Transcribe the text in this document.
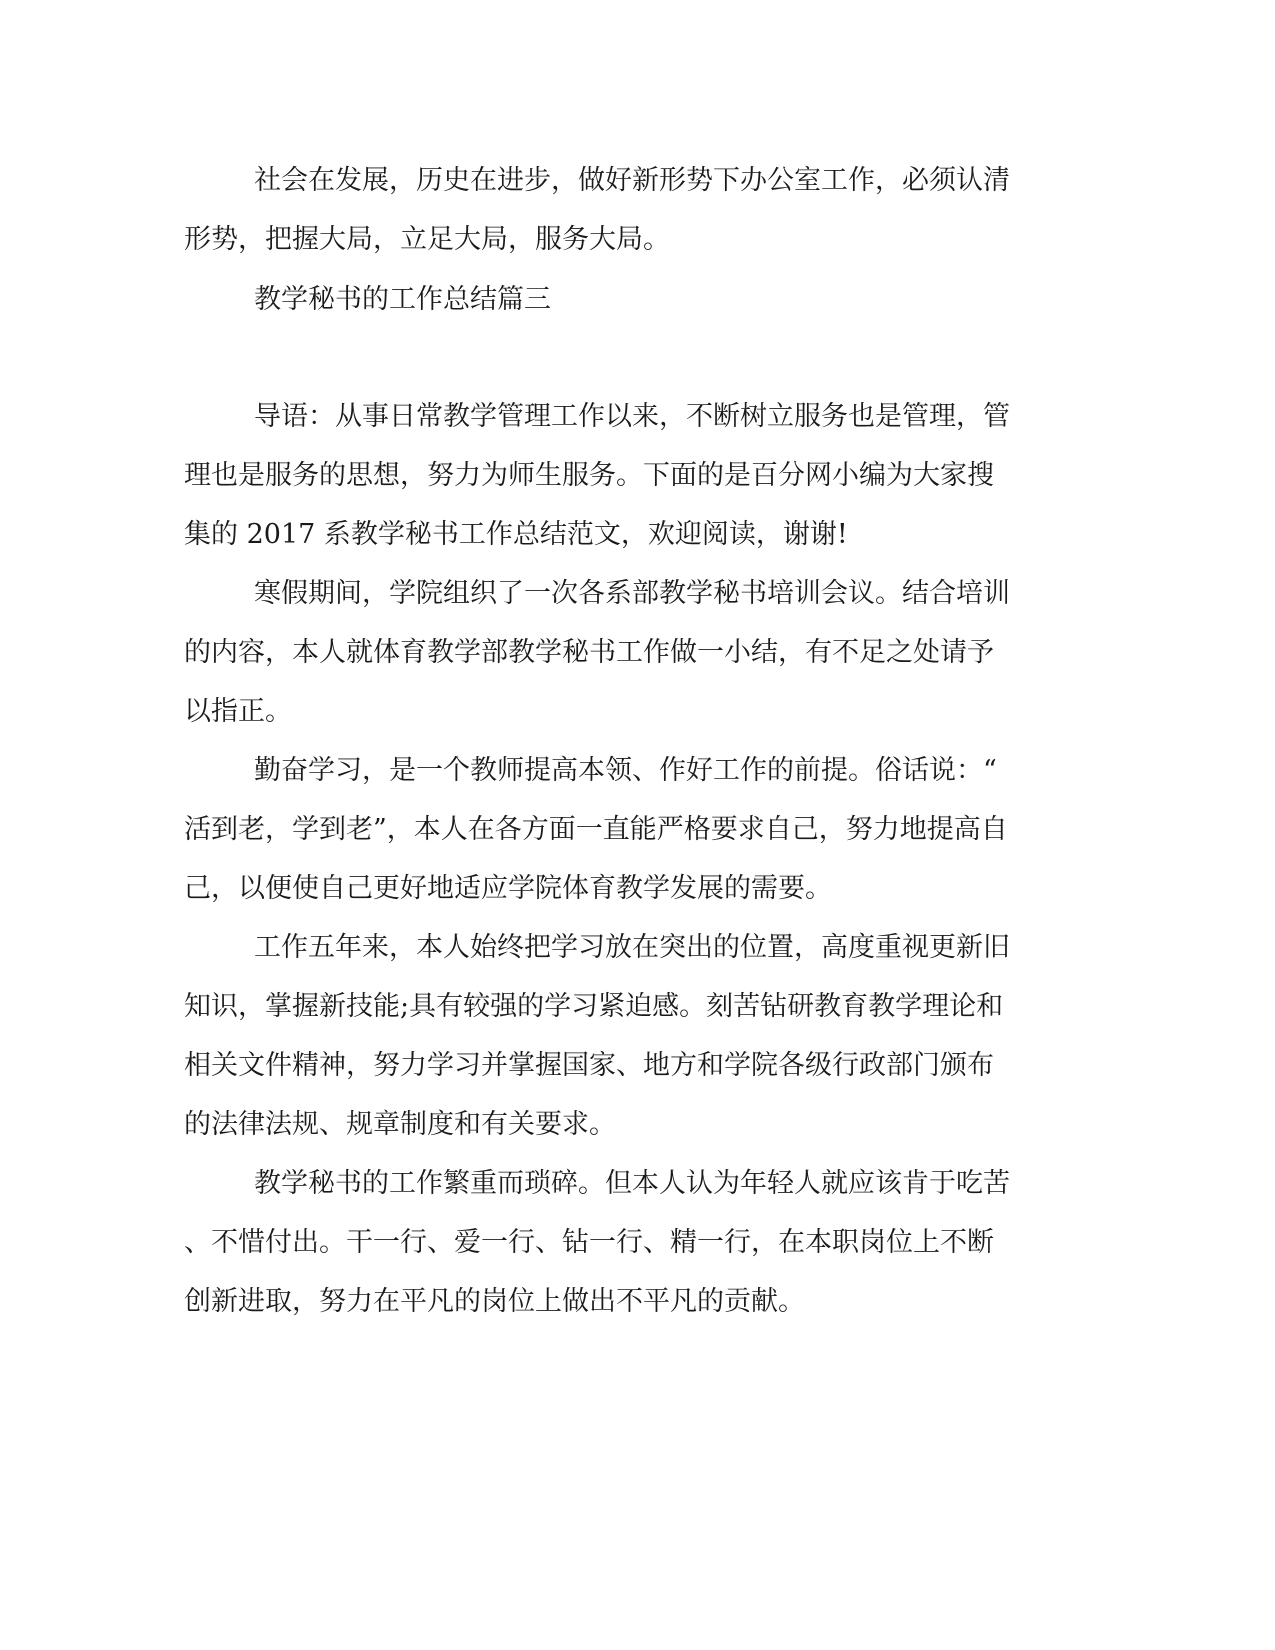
社会在发展，历史在进步，做好新形势下办公室工作，必须认清

形势，把握大局，立足大局，服务大局。

教学秘书的工作总结篇三

导语：从事日常教学管理工作以来，不断树立服务也是管理，管

理也是服务的思想，努力为师生服务。下面的是百分网小编为大家搜

集的 2017 系教学秘书工作总结范文，欢迎阅读，谢谢!

寒假期间，学院组织了一次各系部教学秘书培训会议。结合培训

的内容，本人就体育教学部教学秘书工作做一小结，有不足之处请予

以指正。

勤奋学习，是一个教师提高本领、作好工作的前提。俗话说：“

活到老，学到老”，本人在各方面一直能严格要求自己，努力地提高自

己，以便使自己更好地适应学院体育教学发展的需要。

工作五年来，本人始终把学习放在突出的位置，高度重视更新旧

知识，掌握新技能;具有较强的学习紧迫感。刻苦钻研教育教学理论和

相关文件精神，努力学习并掌握国家、地方和学院各级行政部门颁布

的法律法规、规章制度和有关要求。

教学秘书的工作繁重而琐碎。但本人认为年轻人就应该肯于吃苦

、不惜付出。干一行、爱一行、钻一行、精一行，在本职岗位上不断

创新进取，努力在平凡的岗位上做出不平凡的贡献。
